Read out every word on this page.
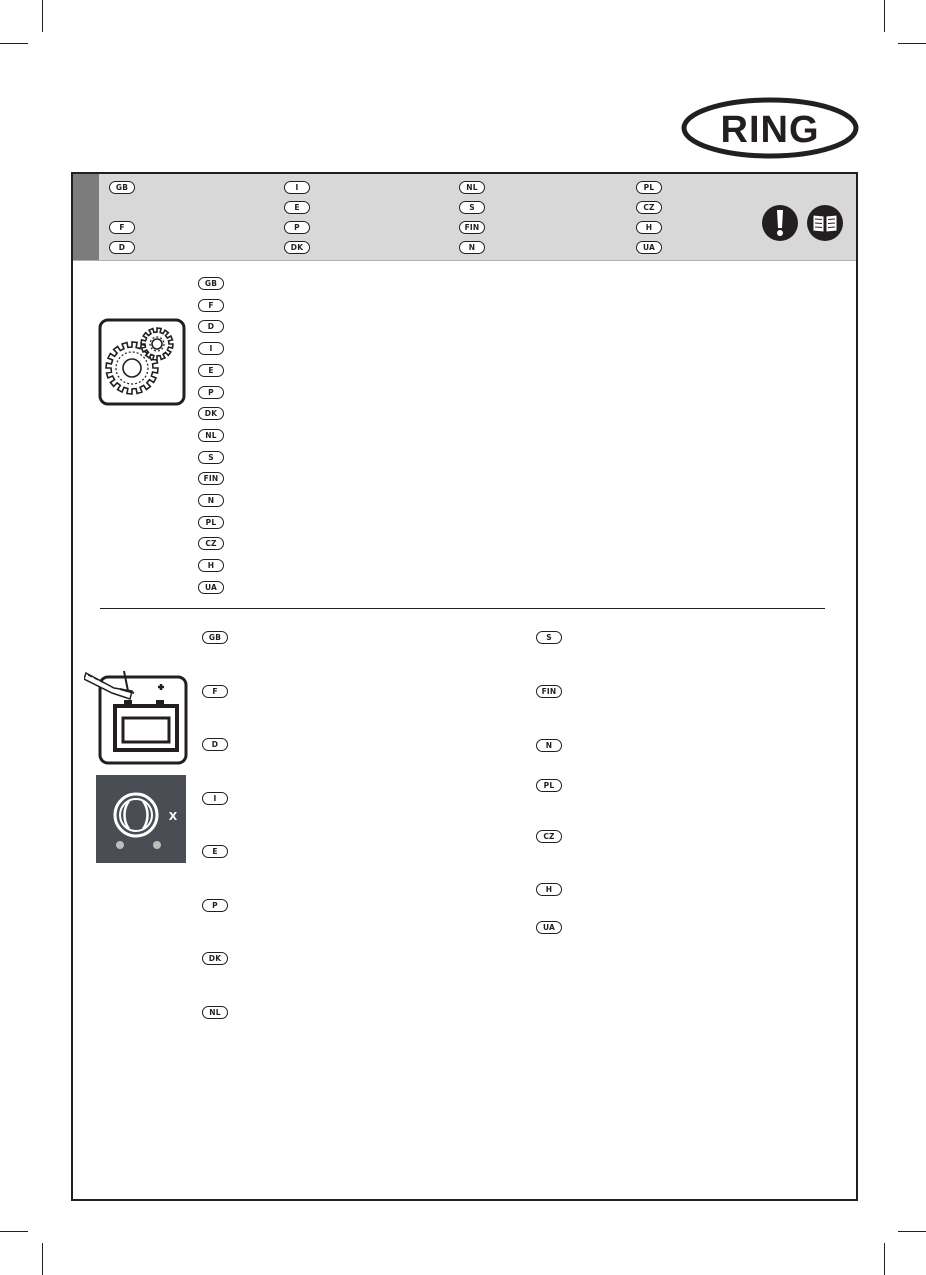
RING
GB
F
D
I
E
P
DK
NL
S
FIN
N
PL
CZ
H
UA
GB
F
D
I
E
P
DK
NL
S
FIN
N
PL
CZ
H
UA
X
GB
F
D
I
E
P
DK
NL
S
FIN
N
PL
CZ
H
UA
